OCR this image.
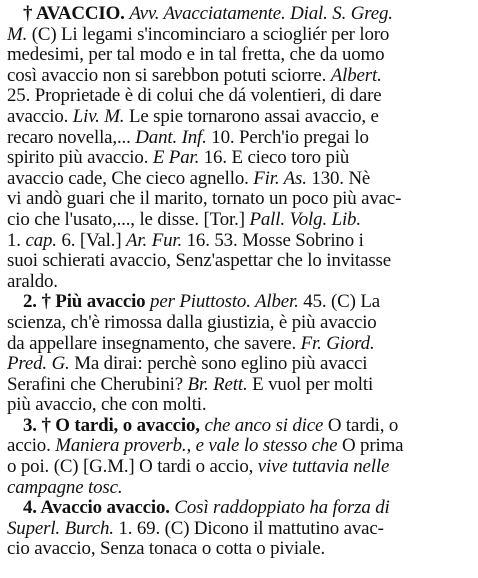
† AVACCIO. Avv. Avacciatamente. Dial. S. Greg.
M. (C) Li legami s'incominciaro a sciogliér per loro
medesimi, per tal modo e in tal fretta, che da uomo
così avaccio non si sarebbon potuti sciorre. Albert.
25. Proprietade è di colui che dá volentieri, di dare
avaccio. Liv. M. Le spie tornarono assai avaccio, e
recaro novella,... Dant. Inf. 10. Perch'io pregai lo
spirito più avaccio. E Par. 16. E cieco toro più
avaccio cade, Che cieco agnello. Fir. As. 130. Nè
vi andò guari che il marito, tornato un poco più avac-
cio che l'usato,..., le disse. [Tor.] Pall. Volg. Lib.
1. cap. 6. [Val.] Ar. Fur. 16. 53. Mosse Sobrino i
suoi schierati avaccio, Senz'aspettar che lo invitasse
araldo.
2. † Più avaccio per Piuttosto. Alber. 45. (C) La
scienza, ch'è rimossa dalla giustizia, è più avaccio
da appellare insegnamento, che savere. Fr. Giord.
Pred. G. Ma dirai: perchè sono eglino più avacci
Serafini che Cherubini? Br. Rett. E vuol per molti
più avaccio, che con molti.
3. † O tardi, o avaccio, che anco si dice O tardi, o
accio. Maniera proverb., e vale lo stesso che O prima
o poi. (C) [G.M.] O tardi o accio, vive tuttavia nelle
campagne tosc.
4. Avaccio avaccio. Così raddoppiato ha forza di
Superl. Burch. 1. 69. (C) Dicono il mattutino avac-
cio avaccio, Senza tonaca o cotta o piviale.
